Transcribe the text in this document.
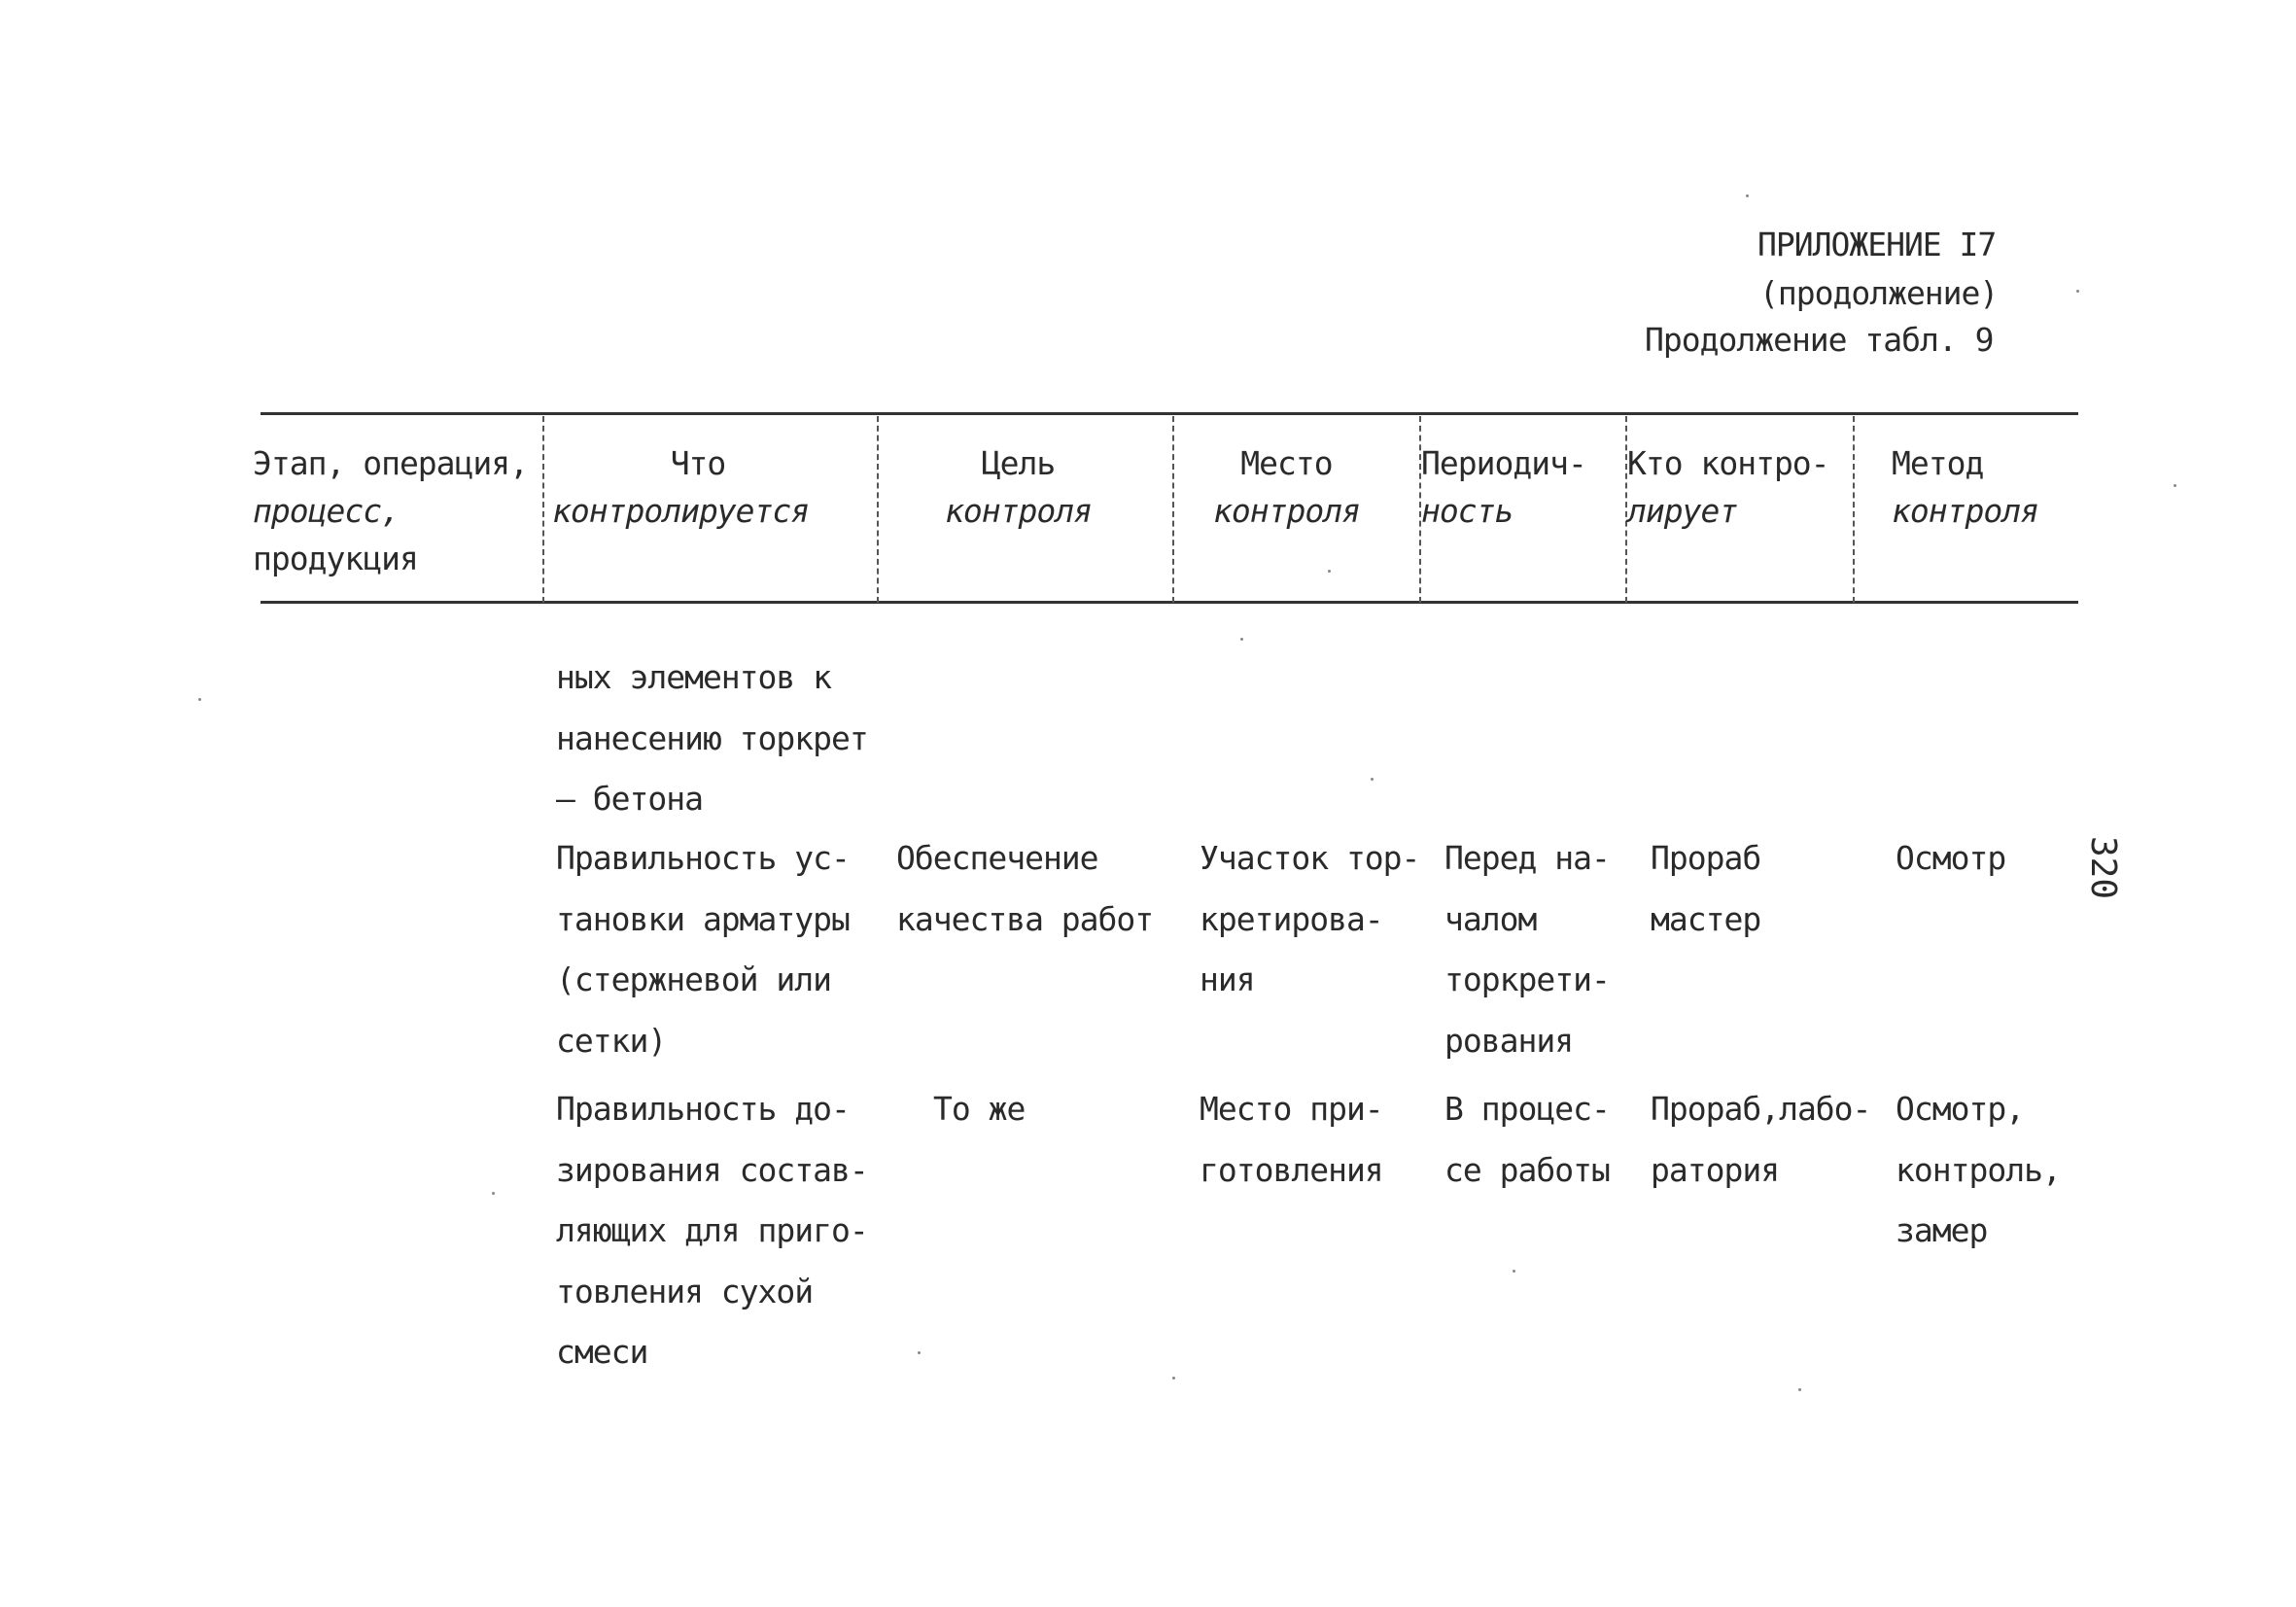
ПРИЛОЖЕНИЕ I7
(продолжение)
Продолжение табл. 9
Этап, операция,
процесс,
продукция
Что
контролируется
Цель
контроля
Место
контроля
Периодич-
ность
Кто контро-
лирует
Метод
контроля
ных элементов к
нанесению торкрет
– бетона
Правильность ус-
тановки арматуры
(стержневой или
сетки)
Обеспечение
качества работ
Участок тор-
кретирова-
ния
Перед на-
чалом
торкрети-
рования
Прораб
мастер
Осмотр
Правильность до-
зирования состав-
ляющих для приго-
товления сухой
смеси
То же	Место при-
готовления
В процес-
се работы
Прораб,лабо-
ратория
Осмотр,
контроль,
замер
320
